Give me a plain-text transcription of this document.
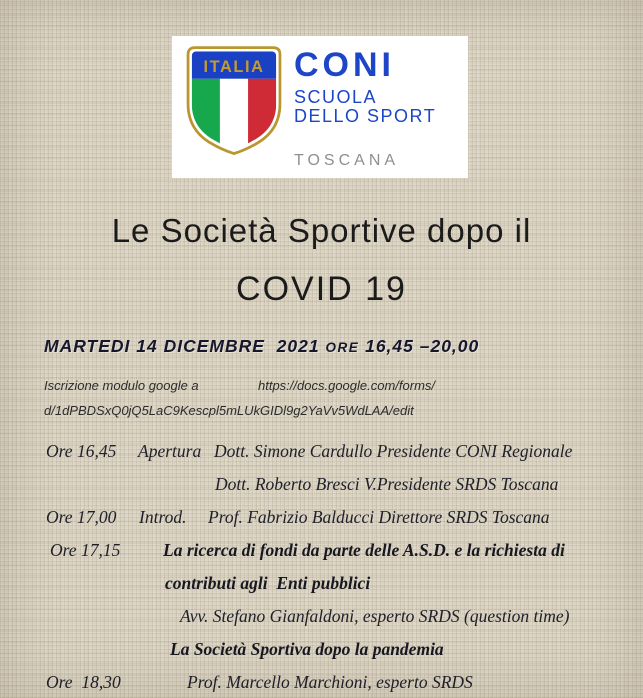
ITALIA CONI
SCUOLA
DELLO SPORT
TOSCANA
Le Società Sportive dopo il
COVID 19
MARTEDI 14 DICEMBRE  2021 ORE 16,45 –20,00
Iscrizione modulo google a	https://docs.google.com/forms/
d/1dPBDSxQ0jQ5LaC9Kescpl5mLUkGIDl9g2YaVv5WdLAA/edit
Ore 16,45 Apertura Dott. Simone Cardullo Presidente CONI Regionale
Dott. Roberto Bresci V.Presidente SRDS Toscana
Ore 17,00 Introd. Prof. Fabrizio Balducci Direttore SRDS Toscana
Ore 17,15 La ricerca di fondi da parte delle A.S.D. e la richiesta di
contributi agli  Enti pubblici
Avv. Stefano Gianfaldoni, esperto SRDS (question time)
La Società Sportiva dopo la pandemia
Ore  18,30	Prof. Marcello Marchioni, esperto SRDS
